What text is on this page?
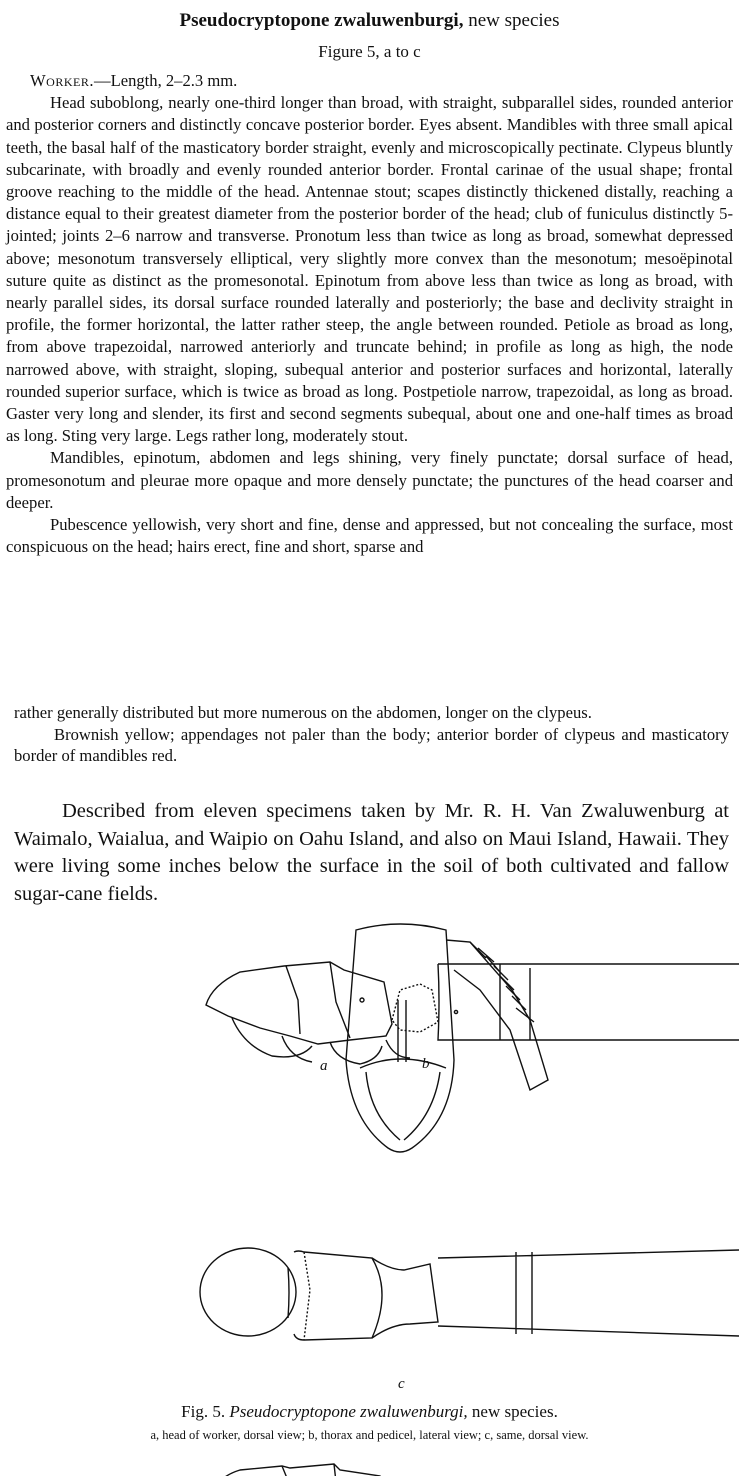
Pseudocryptopone zwaluwenburgi, new species
Figure 5, a to c

Worker.—Length, 2–2.3 mm.

Head suboblong, nearly one-third longer than broad, with straight, subparallel sides, rounded anterior and posterior corners and distinctly concave posterior border. Eyes absent. Mandibles with three small apical teeth, the basal half of the masticatory border straight, evenly and microscopically pectinate. Clypeus bluntly subcarinate, with broadly and evenly rounded anterior border. Frontal carinae of the usual shape; frontal groove reaching to the middle of the head. Antennae stout; scapes distinctly thickened distally, reaching a distance equal to their greatest diameter from the posterior border of the head; club of funiculus distinctly 5-jointed; joints 2–6 narrow and transverse. Pronotum less than twice as long as broad, somewhat depressed above; mesonotum transversely elliptical, very slightly more convex than the mesonotum; mesoëpinotal suture quite as distinct as the promesonotal. Epinotum from above less than twice as long as broad, with nearly parallel sides, its dorsal surface rounded laterally and posteriorly; the base and declivity straight in profile, the former horizontal, the latter rather steep, the angle between rounded. Petiole as broad as long, from above trapezoidal, narrowed anteriorly and truncate behind; in profile as long as high, the node narrowed above, with straight, sloping, subequal anterior and posterior surfaces and horizontal, laterally rounded superior surface, which is twice as broad as long. Postpetiole narrow, trapezoidal, as long as broad. Gaster very long and slender, its first and second segments subequal, about one and one-half times as broad as long. Sting very large. Legs rather long, moderately stout.

Mandibles, epinotum, abdomen and legs shining, very finely punctate; dorsal surface of head, promesonotum and pleurae more opaque and more densely punctate; the punctures of the head coarser and deeper.

Pubescence yellowish, very short and fine, dense and appressed, but not concealing the surface, most conspicuous on the head; hairs erect, fine and short, sparse and

rather generally distributed but more numerous on the abdomen, longer on the clypeus.

Brownish yellow; appendages not paler than the body; anterior border of clypeus and masticatory border of mandibles red.

Described from eleven specimens taken by Mr. R. H. Van Zwaluwenburg at Waimalo, Waialua, and Waipio on Oahu Island, and also on Maui Island, Hawaii. They were living some inches below the surface in the soil of both cultivated and fallow sugar-cane fields.

a	b
c
Fig. 5. Pseudocryptopone zwaluwenburgi, new species.
a, head of worker, dorsal view; b, thorax and pedicel, lateral view; c, same, dorsal view.
